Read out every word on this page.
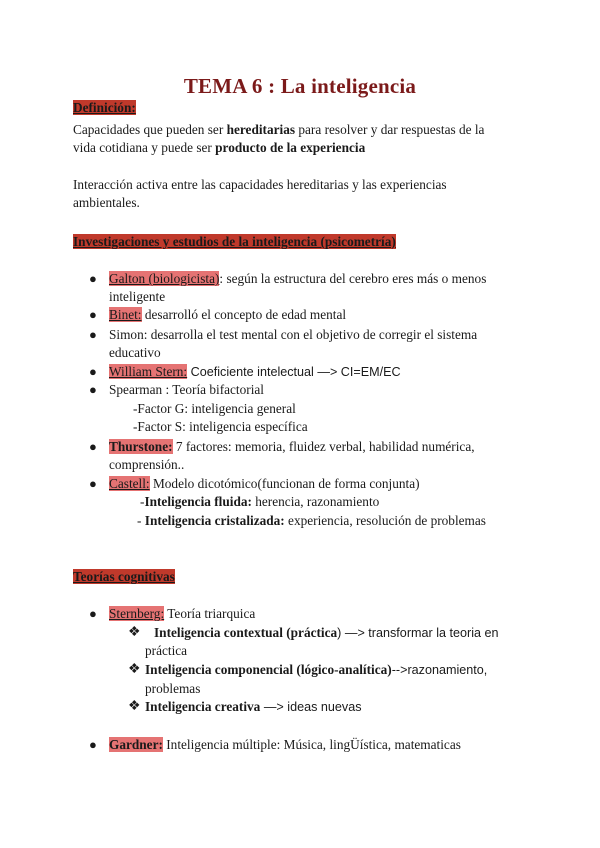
TEMA 6 : La inteligencia
Definición:
Capacidades que pueden ser hereditarias para resolver y dar respuestas de la
vida cotidiana y puede ser producto de la experiencia
Interacción activa entre las capacidades hereditarias y las experiencias
ambientales.
Investigaciones y estudios de la inteligencia (psicometría)
● Galton (biologicista): según la estructura del cerebro eres más o menos
inteligente
● Binet: desarrolló el concepto de edad mental
● Simon: desarrolla el test mental con el objetivo de corregir el sistema
educativo
● William Stern: Coeficiente intelectual —> CI=EM/EC
● Spearman : Teoría bifactorial
-Factor G: inteligencia general
-Factor S: inteligencia específica
● Thurstone: 7 factores: memoria, fluidez verbal, habilidad numérica,
comprensión..
● Castell: Modelo dicotómico(funcionan de forma conjunta)
-Inteligencia fluida: herencia, razonamiento
- Inteligencia cristalizada: experiencia, resolución de problemas
Teorías cognitivas
● Sternberg: Teoría triarquica
❖ Inteligencia contextual (práctica) —> transformar la teoria en
práctica
❖ Inteligencia componencial (lógico-analítica)-->razonamiento,
problemas
❖ Inteligencia creativa —> ideas nuevas
● Gardner: Inteligencia múltiple: Música, lingÜística, matematicas
